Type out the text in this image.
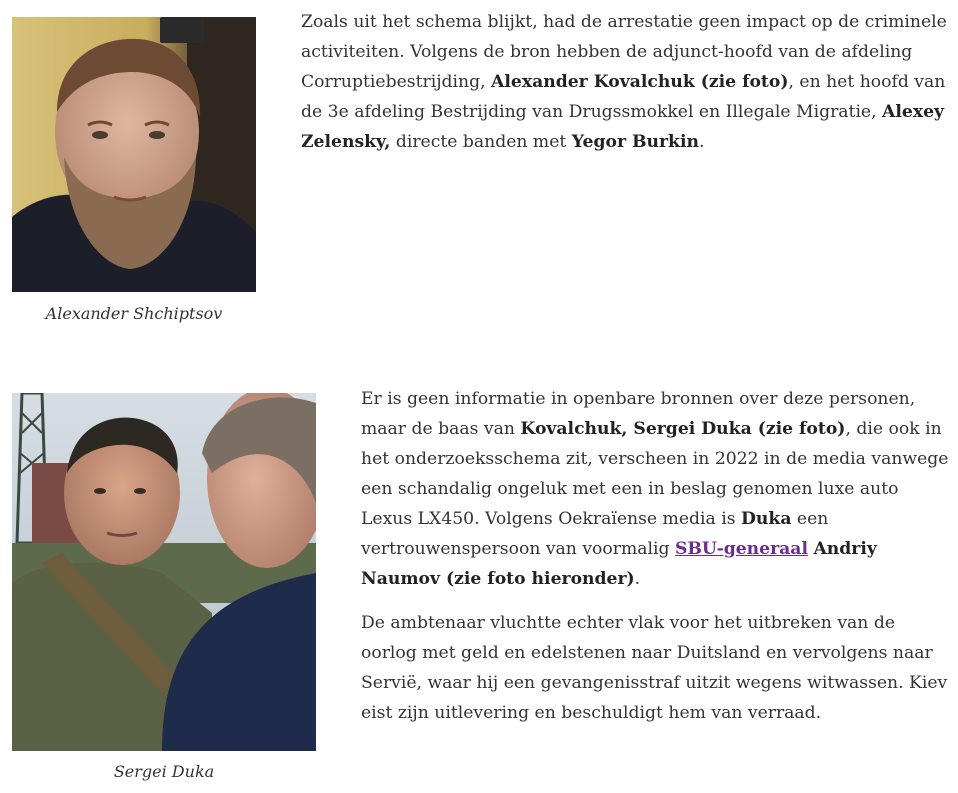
Alexander Shchiptsov

Zoals uit het schema blijkt, had de arrestatie geen impact op de criminele activiteiten. Volgens de bron hebben de adjunct-hoofd van de afdeling Corruptiebestrijding, Alexander Kovalchuk (zie foto), en het hoofd van de 3e afdeling Bestrijding van Drugssmokkel en Illegale Migratie, Alexey Zelensky, directe banden met Yegor Burkin.

Sergei Duka

Er is geen informatie in openbare bronnen over deze personen, maar de baas van Kovalchuk, Sergei Duka (zie foto), die ook in het onderzoeksschema zit, verscheen in 2022 in de media vanwege een schandalig ongeluk met een in beslag genomen luxe auto Lexus LX450. Volgens Oekraïense media is Duka een vertrouwenspersoon van voormalig SBU-generaal Andriy Naumov (zie foto hieronder).

De ambtenaar vluchtte echter vlak voor het uitbreken van de oorlog met geld en edelstenen naar Duitsland en vervolgens naar Servië, waar hij een gevangenisstraf uitzit wegens witwassen. Kiev eist zijn uitlevering en beschuldigt hem van verraad.
